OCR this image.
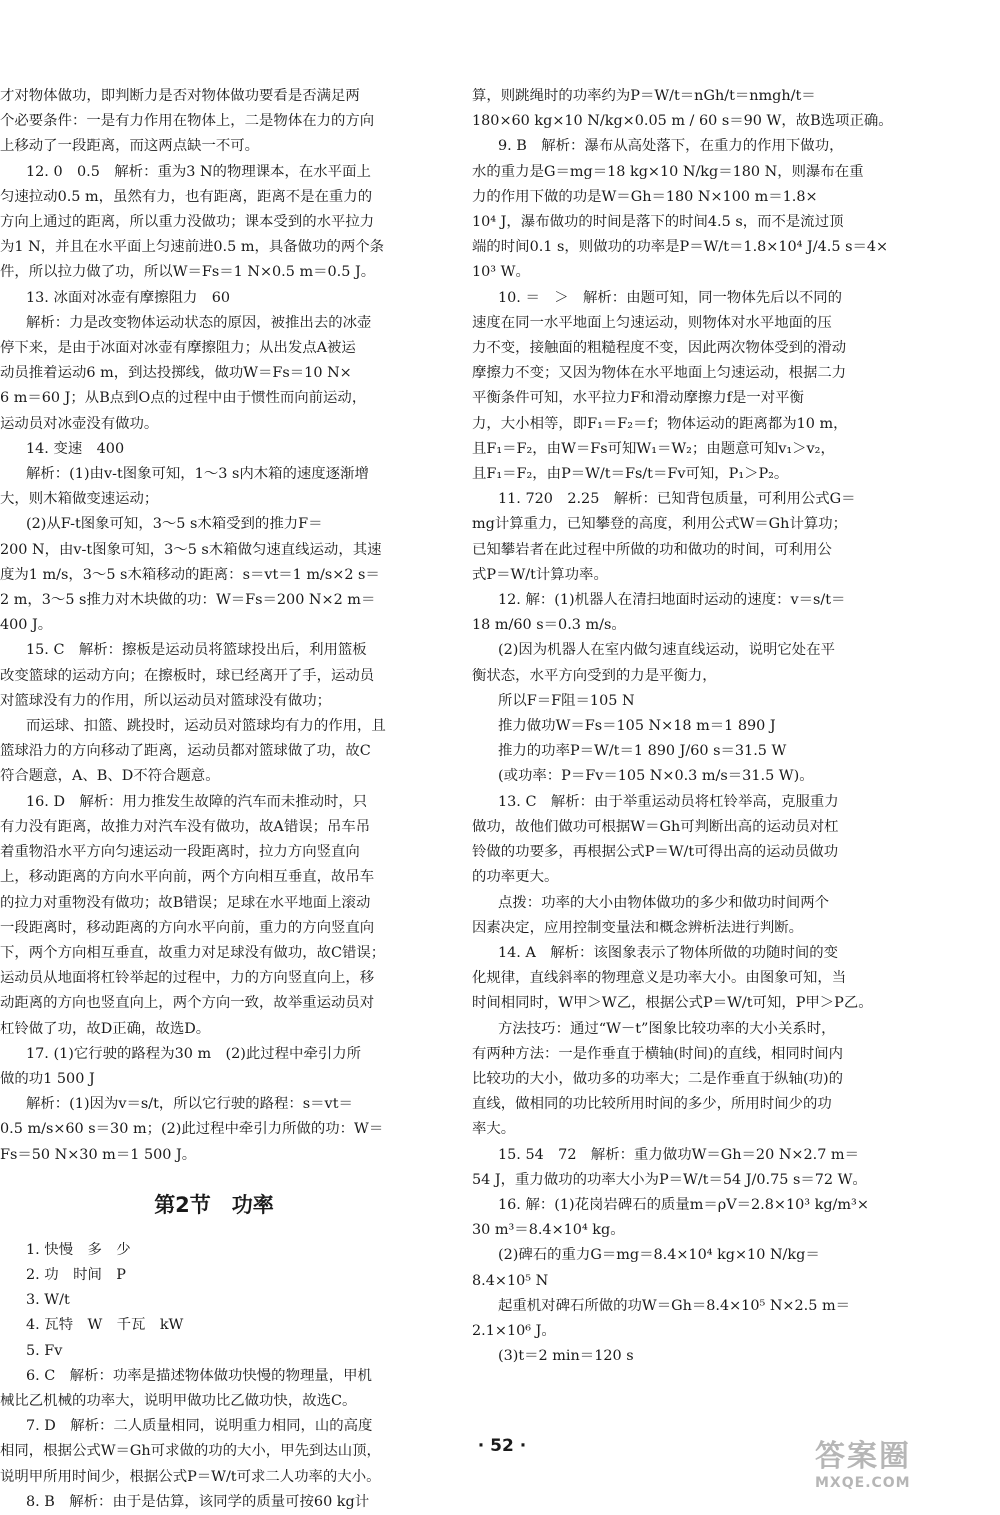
才对物体做功，即判断力是否对物体做功要看是否满足两

个必要条件：一是有力作用在物体上，二是物体在力的方向

上移动了一段距离，而这两点缺一不可。

12. 0　0.5　解析：重为3 N的物理课本，在水平面上

匀速拉动0.5 m，虽然有力，也有距离，距离不是在重力的

方向上通过的距离，所以重力没做功；课本受到的水平拉力

为1 N，并且在水平面上匀速前进0.5 m，具备做功的两个条

件，所以拉力做了功，所以W＝Fs＝1 N×0.5 m＝0.5 J。

13. 冰面对冰壶有摩擦阻力　60

解析：力是改变物体运动状态的原因，被推出去的冰壶

停下来，是由于冰面对冰壶有摩擦阻力；从出发点A被运

动员推着运动6 m，到达投掷线，做功W＝Fs＝10 N×

6 m＝60 J；从B点到O点的过程中由于惯性而向前运动，

运动员对冰壶没有做功。

14. 变速　400

解析：(1)由v-t图象可知，1～3 s内木箱的速度逐渐增

大，则木箱做变速运动；

(2)从F-t图象可知，3～5 s木箱受到的推力F＝

200 N，由v-t图象可知，3～5 s木箱做匀速直线运动，其速

度为1 m/s，3～5 s木箱移动的距离：s＝vt＝1 m/s×2 s＝

2 m，3～5 s推力对木块做的功：W＝Fs＝200 N×2 m＝

400 J。

15. C　解析：擦板是运动员将篮球投出后，利用篮板

改变篮球的运动方向；在擦板时，球已经离开了手，运动员

对篮球没有力的作用，所以运动员对篮球没有做功；

而运球、扣篮、跳投时，运动员对篮球均有力的作用，且

篮球沿力的方向移动了距离，运动员都对篮球做了功，故C

符合题意，A、B、D不符合题意。

16. D　解析：用力推发生故障的汽车而未推动时，只

有力没有距离，故推力对汽车没有做功，故A错误；吊车吊

着重物沿水平方向匀速运动一段距离时，拉力方向竖直向

上，移动距离的方向水平向前，两个方向相互垂直，故吊车

的拉力对重物没有做功；故B错误；足球在水平地面上滚动

一段距离时，移动距离的方向水平向前，重力的方向竖直向

下，两个方向相互垂直，故重力对足球没有做功，故C错误；

运动员从地面将杠铃举起的过程中，力的方向竖直向上，移

动距离的方向也竖直向上，两个方向一致，故举重运动员对

杠铃做了功，故D正确，故选D。

17. (1)它行驶的路程为30 m　(2)此过程中牵引力所

做的功1 500 J

解析：(1)因为v＝s/t，所以它行驶的路程：s＝vt＝

0.5 m/s×60 s＝30 m；(2)此过程中牵引力所做的功：W＝

Fs＝50 N×30 m＝1 500 J。

第2节　功率

1. 快慢　多　少

2. 功　时间　P

3. W/t

4. 瓦特　W　千瓦　kW

5. Fv

6. C　解析：功率是描述物体做功快慢的物理量，甲机

械比乙机械的功率大，说明甲做功比乙做功快，故选C。

7. D　解析：二人质量相同，说明重力相同，山的高度

相同，根据公式W＝Gh可求做的功的大小，甲先到达山顶，

说明甲所用时间少，根据公式P＝W/t可求二人功率的大小。

8. B　解析：由于是估算，该同学的质量可按60 kg计

算，则跳绳时的功率约为P＝W/t＝nGh/t＝nmgh/t＝

180×60 kg×10 N/kg×0.05 m / 60 s＝90 W，故B选项正确。

9. B　解析：瀑布从高处落下，在重力的作用下做功，

水的重力是G＝mg＝18 kg×10 N/kg＝180 N，则瀑布在重

力的作用下做的功是W＝Gh＝180 N×100 m＝1.8×

10⁴ J，瀑布做功的时间是落下的时间4.5 s，而不是流过顶

端的时间0.1 s，则做功的功率是P＝W/t＝1.8×10⁴ J/4.5 s＝4×

10³ W。

10. ＝　＞　解析：由题可知，同一物体先后以不同的

速度在同一水平地面上匀速运动，则物体对水平地面的压

力不变，接触面的粗糙程度不变，因此两次物体受到的滑动

摩擦力不变；又因为物体在水平地面上匀速运动，根据二力

平衡条件可知，水平拉力F和滑动摩擦力f是一对平衡

力，大小相等，即F₁＝F₂＝f；物体运动的距离都为10 m，

且F₁＝F₂，由W＝Fs可知W₁＝W₂；由题意可知v₁＞v₂，

且F₁＝F₂，由P＝W/t＝Fs/t＝Fv可知，P₁＞P₂。

11. 720　2.25　解析：已知背包质量，可利用公式G＝

mg计算重力，已知攀登的高度，利用公式W＝Gh计算功；

已知攀岩者在此过程中所做的功和做功的时间，可利用公

式P＝W/t计算功率。

12. 解：(1)机器人在清扫地面时运动的速度：v＝s/t＝

18 m/60 s＝0.3 m/s。

(2)因为机器人在室内做匀速直线运动，说明它处在平

衡状态，水平方向受到的力是平衡力，

所以F＝F阻＝105 N

推力做功W＝Fs＝105 N×18 m＝1 890 J

推力的功率P＝W/t＝1 890 J/60 s＝31.5 W

(或功率：P＝Fv＝105 N×0.3 m/s＝31.5 W)。

13. C　解析：由于举重运动员将杠铃举高，克服重力

做功，故他们做功可根据W＝Gh可判断出高的运动员对杠

铃做的功要多，再根据公式P＝W/t可得出高的运动员做功

的功率更大。

点拨：功率的大小由物体做功的多少和做功时间两个

因素决定，应用控制变量法和概念辨析法进行判断。

14. A　解析：该图象表示了物体所做的功随时间的变

化规律，直线斜率的物理意义是功率大小。由图象可知，当

时间相同时，W甲＞W乙，根据公式P＝W/t可知，P甲＞P乙。

方法技巧：通过“W－t”图象比较功率的大小关系时，

有两种方法：一是作垂直于横轴(时间)的直线，相同时间内

比较功的大小，做功多的功率大；二是作垂直于纵轴(功)的

直线，做相同的功比较所用时间的多少，所用时间少的功

率大。

15. 54　72　解析：重力做功W＝Gh＝20 N×2.7 m＝

54 J，重力做功的功率大小为P＝W/t＝54 J/0.75 s＝72 W。

16. 解：(1)花岗岩碑石的质量m＝ρV＝2.8×10³ kg/m³×

30 m³＝8.4×10⁴ kg。

(2)碑石的重力G＝mg＝8.4×10⁴ kg×10 N/kg＝

8.4×10⁵ N

起重机对碑石所做的功W＝Gh＝8.4×10⁵ N×2.5 m＝

2.1×10⁶ J。

(3)t＝2 min＝120 s

· 52 ·	答案圈
MXQE.COM
